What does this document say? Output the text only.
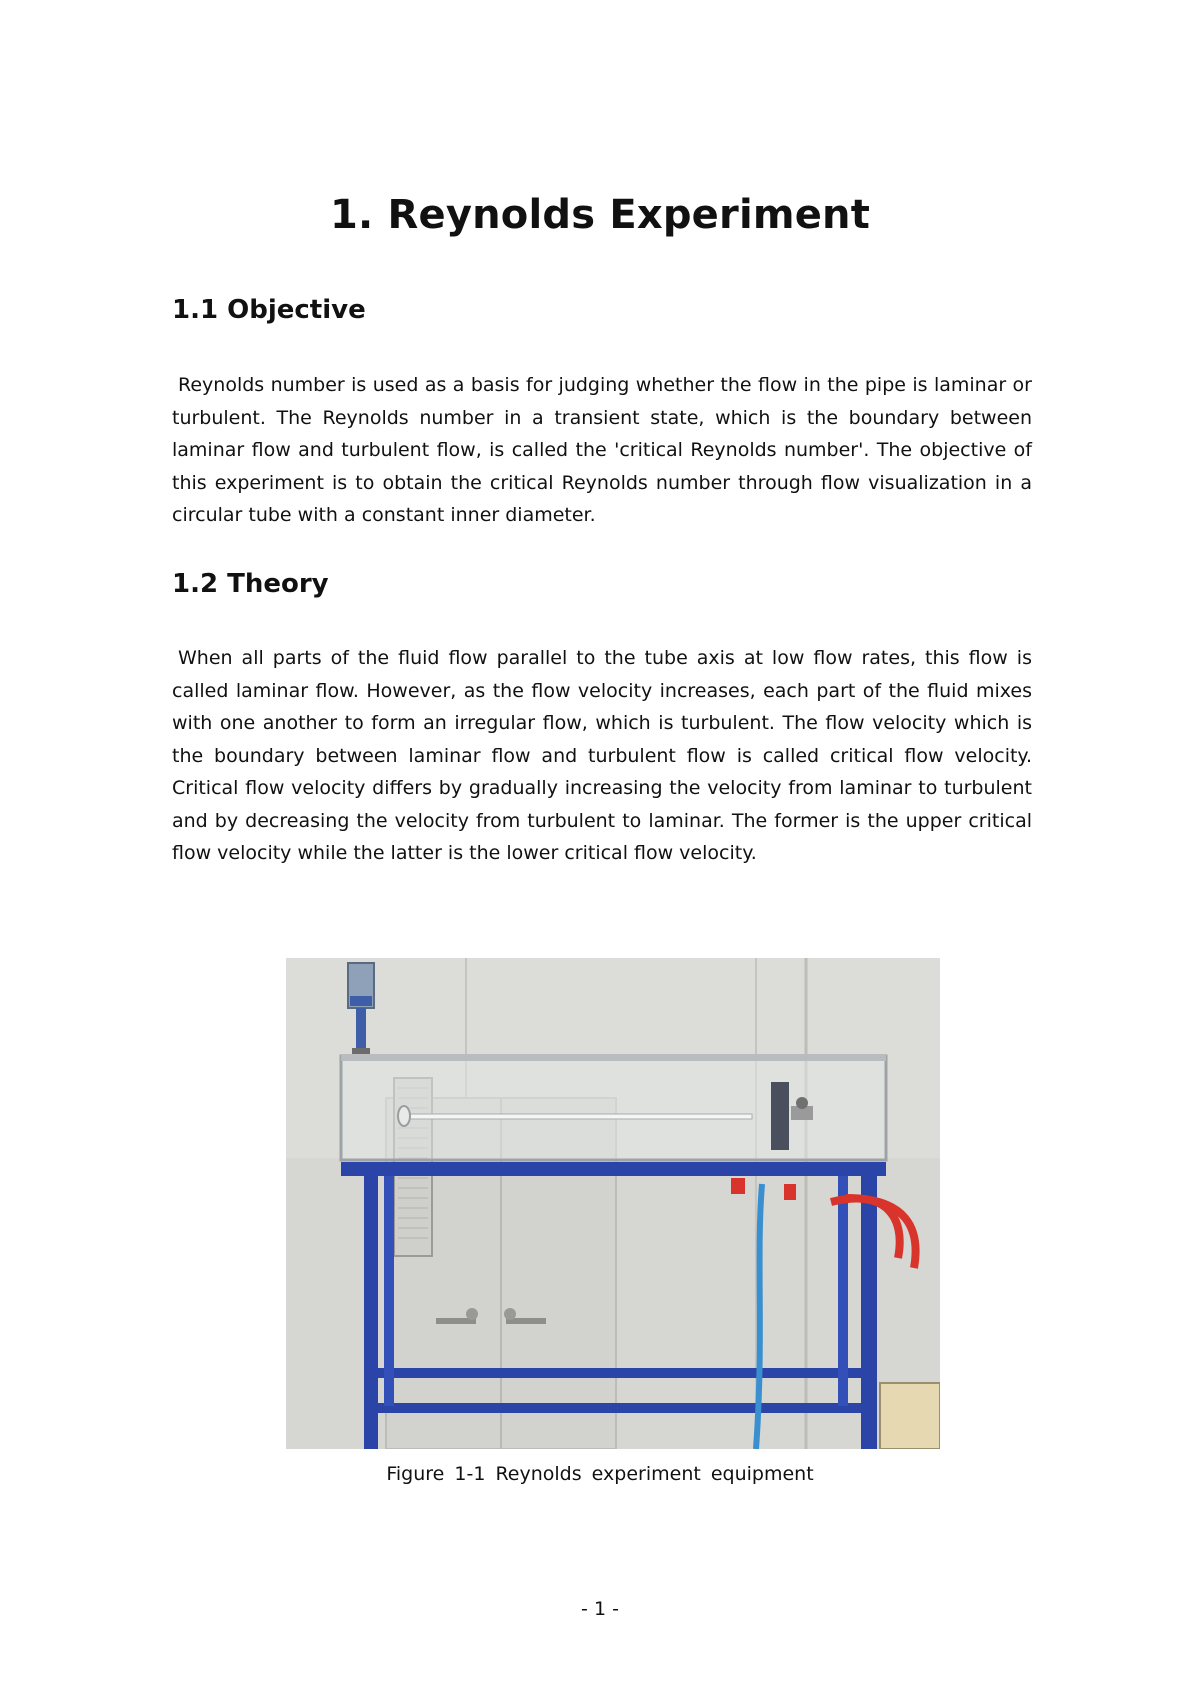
1. Reynolds Experiment
1.1 Objective

Reynolds number is used as a basis for judging whether the flow in the pipe is laminar or turbulent. The Reynolds number in a transient state, which is the boundary between laminar flow and turbulent flow, is called the 'critical Reynolds number'. The objective of this experiment is to obtain the critical Reynolds number through flow visualization in a circular tube with a constant inner diameter.

1.2 Theory

When all parts of the fluid flow parallel to the tube axis at low flow rates, this flow is called laminar flow. However, as the flow velocity increases, each part of the fluid mixes with one another to form an irregular flow, which is turbulent. The flow velocity which is the boundary between laminar flow and turbulent flow is called critical flow velocity. Critical flow velocity differs by gradually increasing the velocity from laminar to turbulent and by decreasing the velocity from turbulent to laminar. The former is the upper critical flow velocity while the latter is the lower critical flow velocity.

Figure 1-1 Reynolds experiment equipment

- 1 -
